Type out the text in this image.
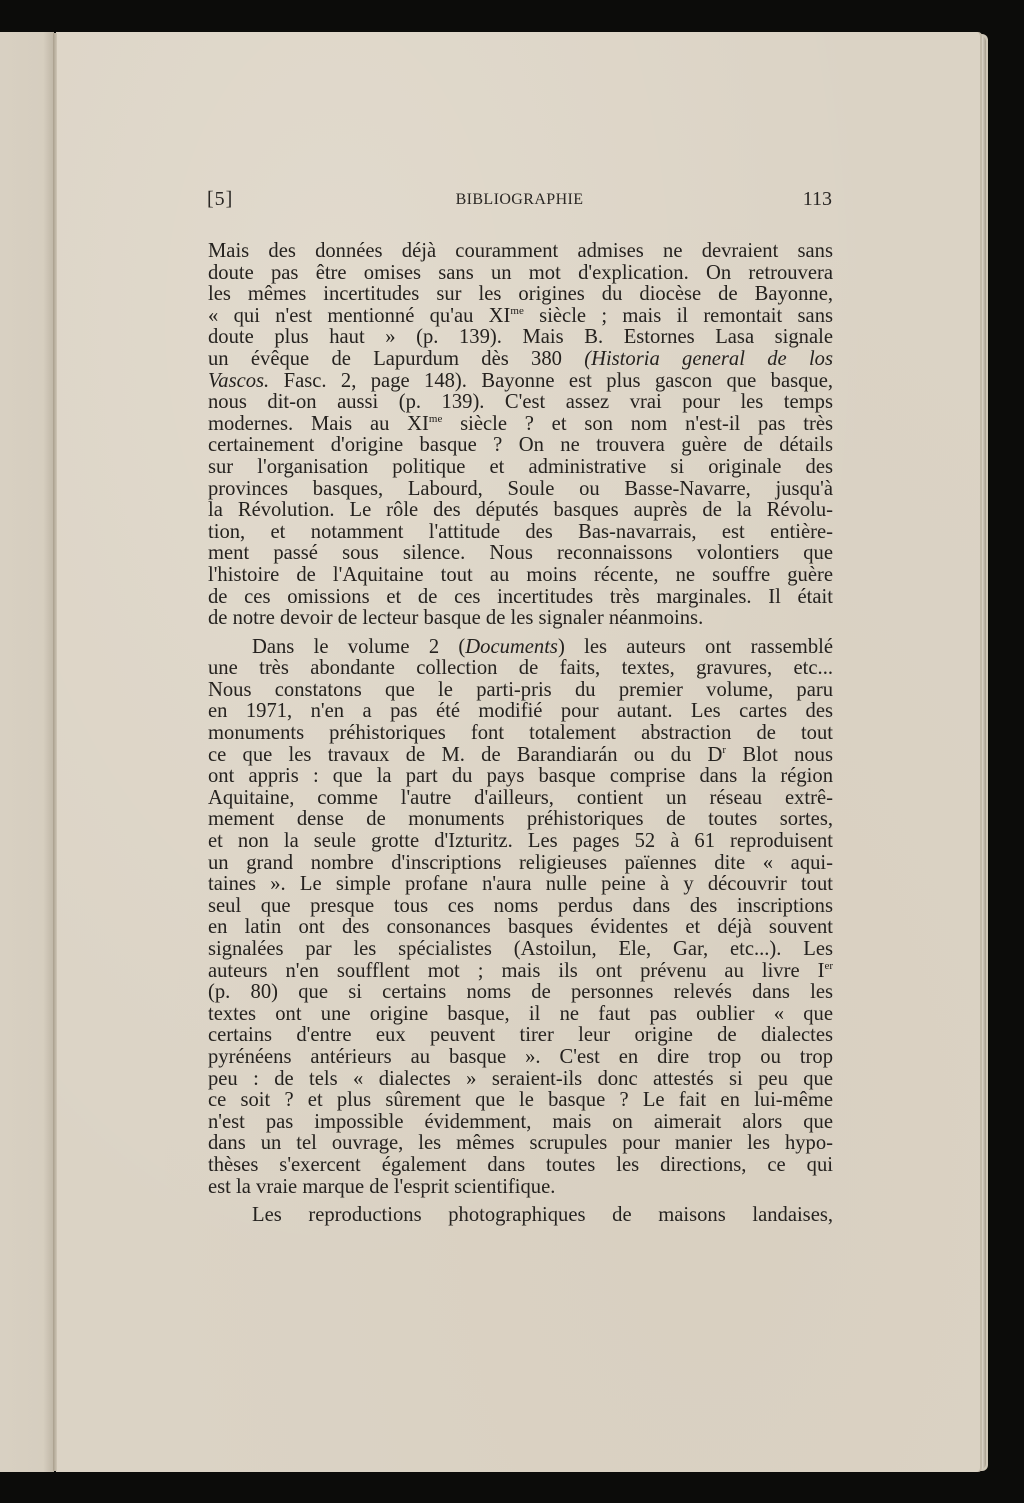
[5]	BIBLIOGRAPHIE	113
Mais des données déjà couramment admises ne devraient sans
doute pas être omises sans un mot d'explication. On retrouvera
les mêmes incertitudes sur les origines du diocèse de Bayonne,
« qui n'est mentionné qu'au $XI^{me}$ siècle ; mais il remontait sans
doute plus haut » (p. 139). Mais B. Estornes Lasa signale
un évêque de Lapurdum dès 380 (Historia general de los
Vascos. Fasc. 2, page 148). Bayonne est plus gascon que basque,
nous dit-on aussi (p. 139). C'est assez vrai pour les temps
modernes. Mais au $XI^{me}$ siècle ? et son nom n'est-il pas très
certainement d'origine basque ? On ne trouvera guère de détails
sur l'organisation politique et administrative si originale des
provinces basques, Labourd, Soule ou Basse-Navarre, jusqu'à
la Révolution. Le rôle des députés basques auprès de la Révolu-
tion, et notamment l'attitude des Bas-navarrais, est entière-
ment passé sous silence. Nous reconnaissons volontiers que
l'histoire de l'Aquitaine tout au moins récente, ne souffre guère
de ces omissions et de ces incertitudes très marginales. Il était
de notre devoir de lecteur basque de les signaler néanmoins.
Dans le volume 2 (Documents) les auteurs ont rassemblé
une très abondante collection de faits, textes, gravures, etc...
Nous constatons que le parti-pris du premier volume, paru
en 1971, n'en a pas été modifié pour autant. Les cartes des
monuments préhistoriques font totalement abstraction de tout
ce que les travaux de M. de Barandiarán ou du $D^r$ Blot nous
ont appris : que la part du pays basque comprise dans la région
Aquitaine, comme l'autre d'ailleurs, contient un réseau extrê-
mement dense de monuments préhistoriques de toutes sortes,
et non la seule grotte d'Izturitz. Les pages 52 à 61 reproduisent
un grand nombre d'inscriptions religieuses païennes dite « aqui-
taines ». Le simple profane n'aura nulle peine à y découvrir tout
seul que presque tous ces noms perdus dans des inscriptions
en latin ont des consonances basques évidentes et déjà souvent
signalées par les spécialistes (Astoilun, Ele, Gar, etc...). Les
auteurs n'en soufflent mot ; mais ils ont prévenu au livre Ier
(p. 80) que si certains noms de personnes relevés dans les
textes ont une origine basque, il ne faut pas oublier « que
certains d'entre eux peuvent tirer leur origine de dialectes
pyrénéens antérieurs au basque ». C'est en dire trop ou trop
peu : de tels « dialectes » seraient-ils donc attestés si peu que
ce soit ? et plus sûrement que le basque ? Le fait en lui-même
n'est pas impossible évidemment, mais on aimerait alors que
dans un tel ouvrage, les mêmes scrupules pour manier les hypo-
thèses s'exercent également dans toutes les directions, ce qui
est la vraie marque de l'esprit scientifique.
Les reproductions photographiques de maisons landaises,
